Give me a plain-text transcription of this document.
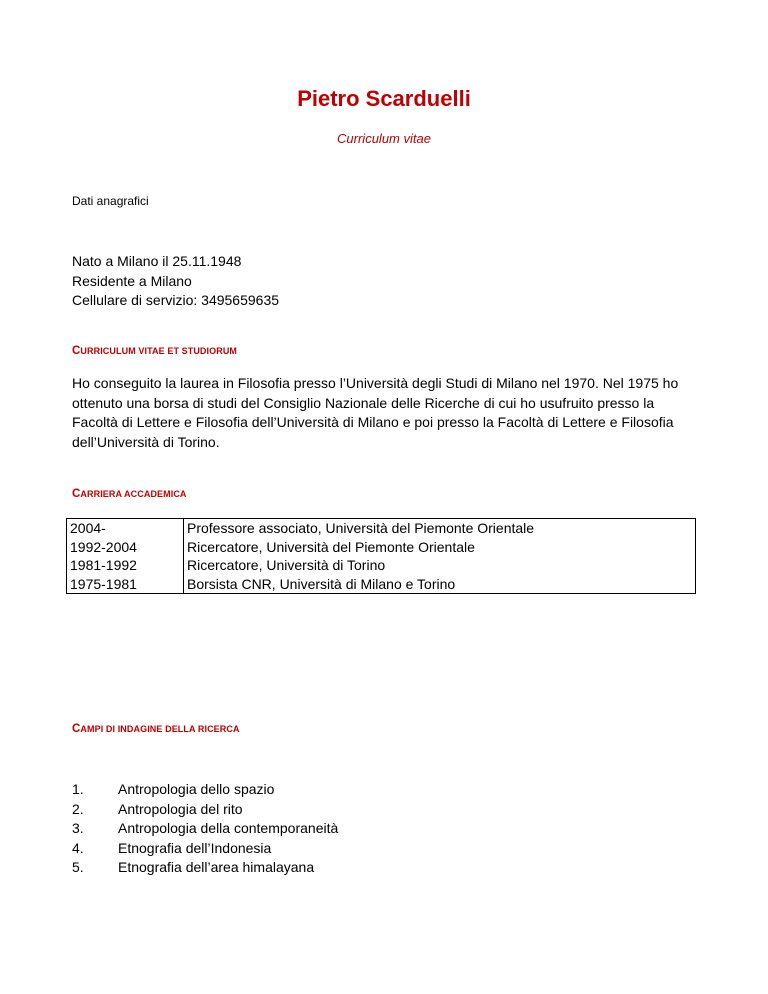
Pietro Scarduelli
Curriculum vitae
Dati anagrafici
Nato a Milano il 25.11.1948
Residente a Milano
Cellulare di servizio: 3495659635
CURRICULUM VITAE ET STUDIORUM
Ho conseguito la laurea in Filosofia presso l’Università degli Studi di Milano nel 1970. Nel 1975 ho ottenuto una borsa di studi del Consiglio Nazionale delle Ricerche di cui ho usufruito presso la Facoltà di Lettere e Filosofia dell’Università di Milano e poi presso la Facoltà di Lettere e Filosofia dell’Università di Torino.
CARRIERA ACCADEMICA
2004-	Professore associato, Università del Piemonte Orientale
1992-2004	Ricercatore, Università del Piemonte Orientale
1981-1992	Ricercatore, Università di Torino
1975-1981	Borsista CNR, Università di Milano e Torino
CAMPI DI INDAGINE DELLA RICERCA
1.	Antropologia dello spazio
2.	Antropologia del rito
3.	Antropologia della contemporaneità
4.	Etnografia dell’Indonesia
5.	Etnografia dell’area himalayana
